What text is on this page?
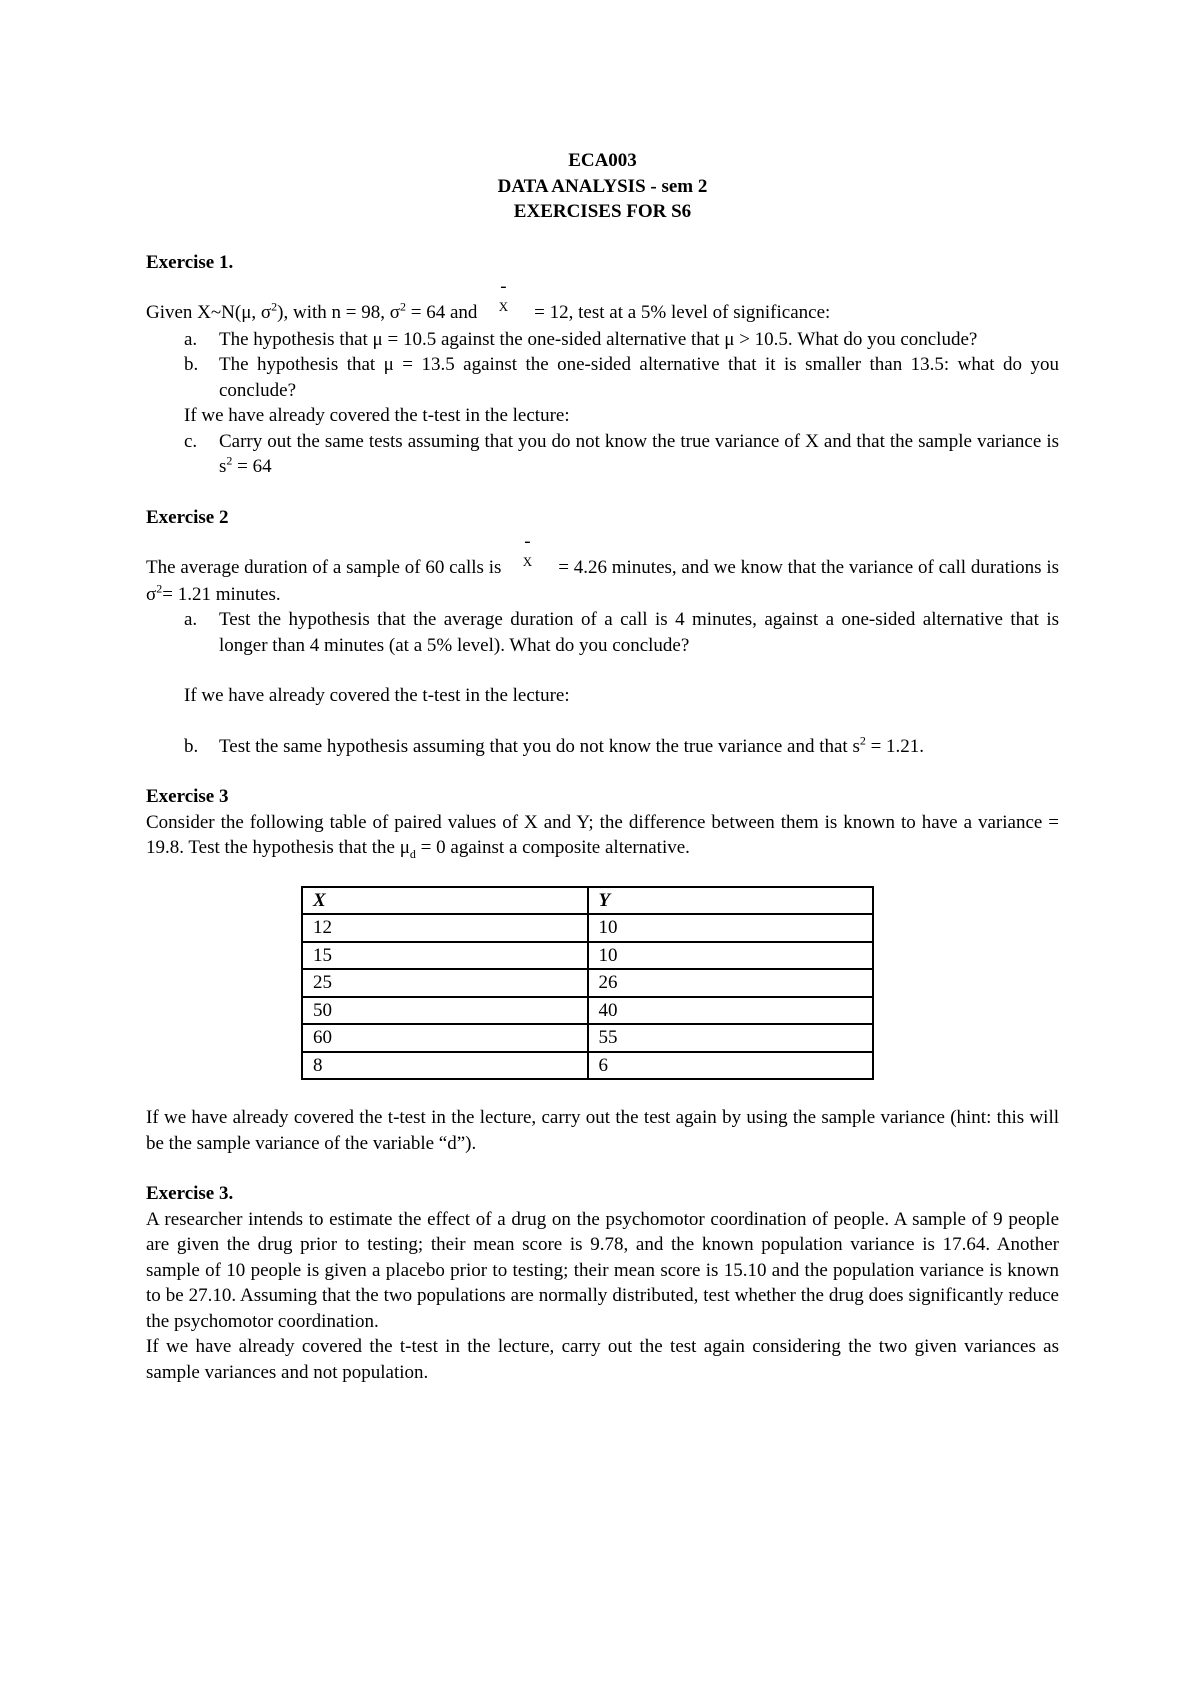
ECA003
DATA ANALYSIS - sem 2
EXERCISES FOR S6
Exercise 1.

Given X~N(μ, $\sigma^2$), with n = 98, $\sigma^2 = 64$ and
-
$^X$ = 12, test at a 5% level of significance:

a. The hypothesis that μ = 10.5 against the one-sided alternative that μ > 10.5. What do you conclude?
b. The hypothesis that μ = 13.5 against the one-sided alternative that it is smaller than 13.5: what do you conclude?

If we have already covered the t-test in the lecture:

c. Carry out the same tests assuming that you do not know the true variance of X and that the sample variance is $s^2 = 64$
Exercise 2

The average duration of a sample of 60 calls is
-
$^X$ = 4.26 minutes, and we know that the variance of call durations is $\sigma^2= 1.21$ minutes.

a. Test the hypothesis that the average duration of a call is 4 minutes, against a one-sided alternative that is longer than 4 minutes (at a 5% level). What do you conclude?

If we have already covered the t-test in the lecture:

b. Test the same hypothesis assuming that you do not know the true variance and that $s^2 = 1.21$.
Exercise 3

Consider the following table of paired values of X and Y; the difference between them is known to have a variance = 19.8. Test the hypothesis that the $\mu_d = 0$ against a composite alternative.

X	Y
12	10
15	10
25	26
50	40
60	55
8	6

If we have already covered the t-test in the lecture, carry out the test again by using the sample variance (hint: this will be the sample variance of the variable “d”).

Exercise 3.

A researcher intends to estimate the effect of a drug on the psychomotor coordination of people. A sample of 9 people are given the drug prior to testing; their mean score is 9.78, and the known population variance is 17.64. Another sample of 10 people is given a placebo prior to testing; their mean score is 15.10 and the population variance is known to be 27.10. Assuming that the two populations are normally distributed, test whether the drug does significantly reduce the psychomotor coordination.

If we have already covered the t-test in the lecture, carry out the test again considering the two given variances as sample variances and not population.
